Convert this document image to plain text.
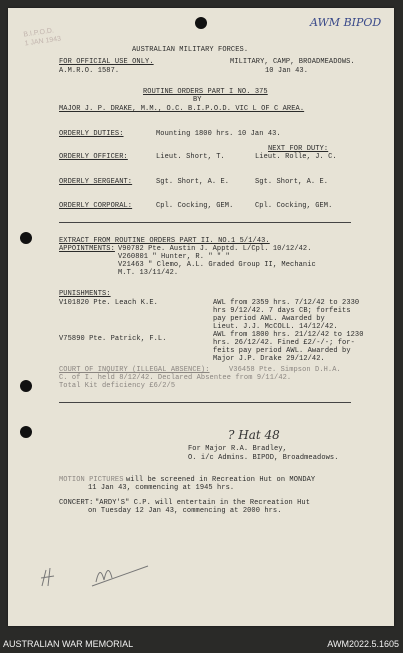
AWM BIPOD
B.I.P.O.D.
1 JAN 1943
AUSTRALIAN MILITARY FORCES.
FOR OFFICIAL USE ONLY.
A.M.R.O. 1587.
MILITARY, CAMP, BROADMEADOWS.
10 Jan 43.
ROUTINE ORDERS PART I NO. 375
BY
MAJOR J. P. DRAKE, M.M., O.C. B.I.P.O.D. VIC L OF C AREA.
ORDERLY DUTIES:	Mounting 1800 hrs. 10 Jan 43.
NEXT FOR DUTY:
ORDERLY OFFICER:	Lieut. Short, T.	Lieut. Rolle, J. C.
ORDERLY SERGEANT:	Sgt. Short, A. E.	Sgt. Short, A. E.
ORDERLY CORPORAL:	Cpl. Cocking, GEM.	Cpl. Cocking, GEM.
EXTRACT FROM ROUTINE ORDERS PART II. NO.1 5/1/43.
APPOINTMENTS: V90782 Pte. Austin J. Apptd. L/Cpl. 10/12/42.
V260801 " Hunter, R. " " "
V21463 " Clemo, A.L. Graded Group II, Mechanic
M.T. 13/11/42.
PUNISHMENTS:
V101820 Pte. Leach K.E.	AWL from 2359 hrs. 7/12/42 to 2330
hrs 9/12/42. 7 days CB; forfeits
pay period AWL. Awarded by
Lieut. J.J. McCOLL. 14/12/42.
V75890 Pte. Patrick, F.L.	AWL from 1800 hrs. 21/12/42 to 1230
hrs. 26/12/42. Fined £2/-/-; for-
feits pay period AWL. Awarded by
Major J.P. Drake 29/12/42.
COURT OF INQUIRY (ILLEGAL ABSENCE):	V36458 Pte. Simpson D.H.A.
C. of I. held 8/12/42. Declared Absentee from 9/11/42.
Total Kit deficiency £6/2/5
? Hat 48
For Major R.A. Bradley,
O. i/c Admins. BIPOD, Broadmeadows.
MOTION PICTURES will be screened in Recreation Hut on MONDAY
11 Jan 43, commencing at 1945 hrs.
CONCERT: "ARDY'S" C.P. will entertain in the Recreation Hut
on Tuesday 12 Jan 43, commencing at 2000 hrs.
AUSTRALIAN WAR MEMORIAL	AWM2022.5.1605
